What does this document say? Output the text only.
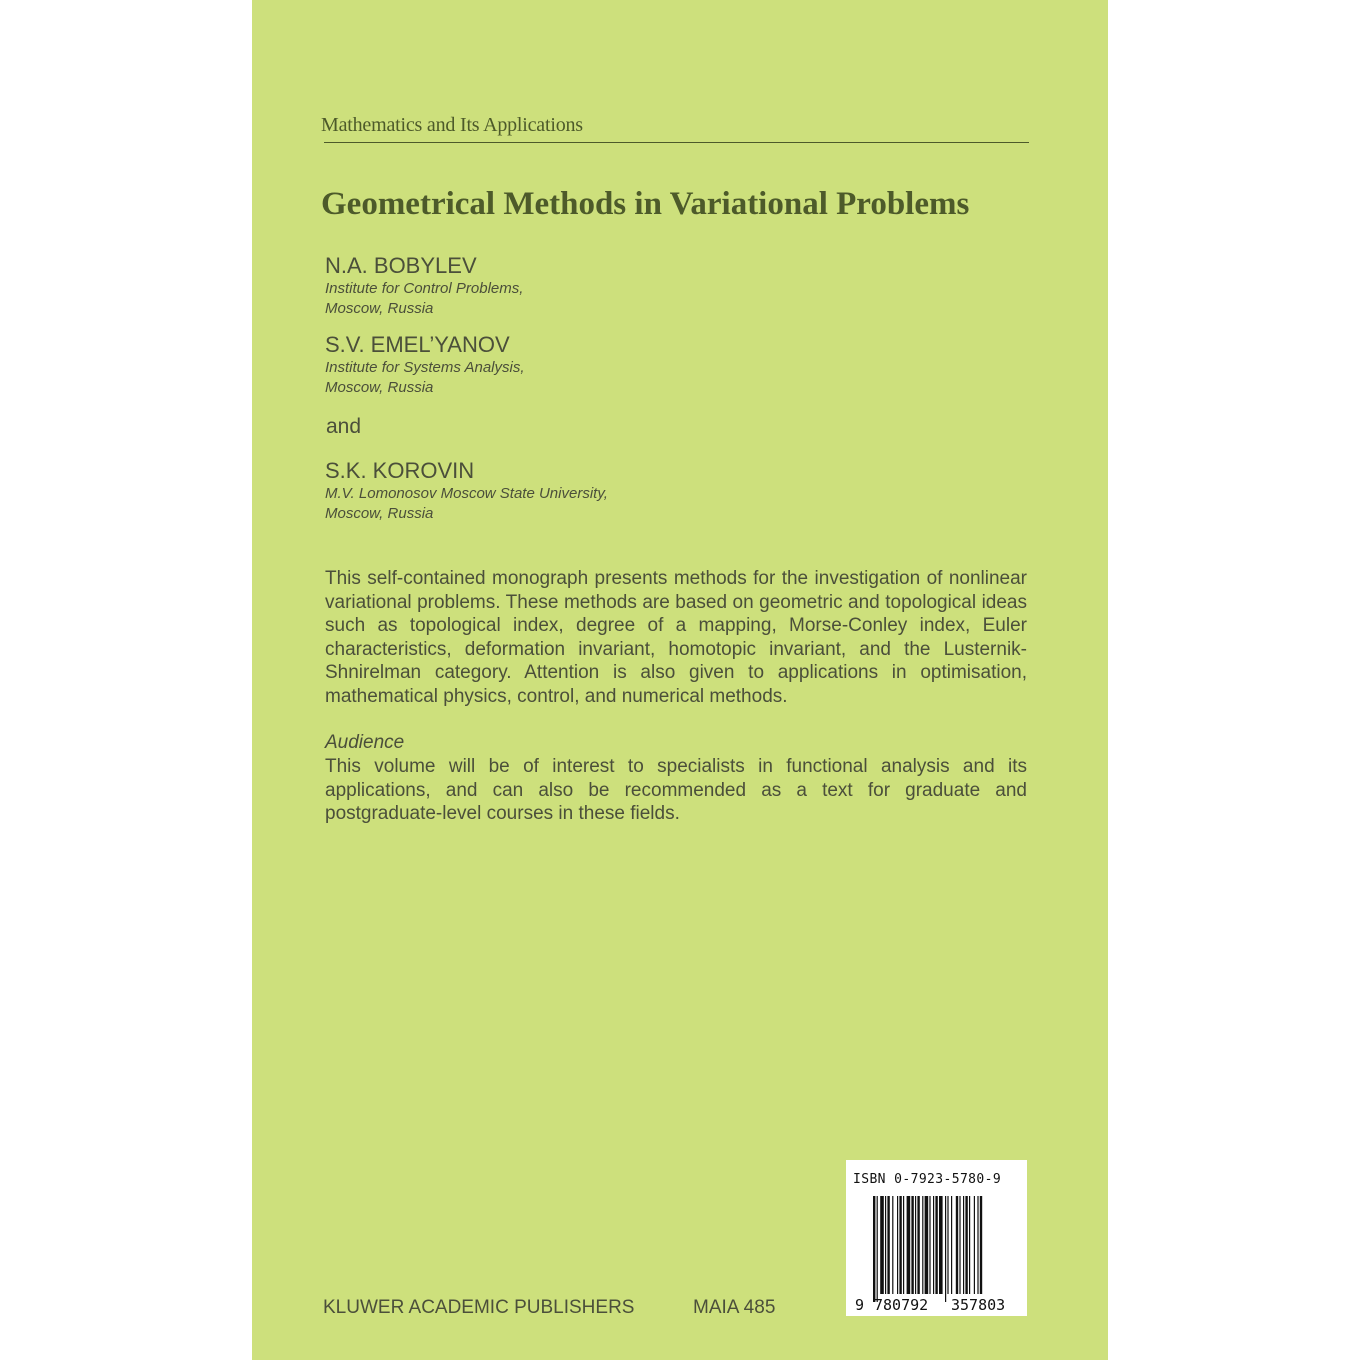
Mathematics and Its Applications
Geometrical Methods in Variational Problems
N.A. BOBYLEV
Institute for Control Problems,
Moscow, Russia
S.V. EMEL’YANOV
Institute for Systems Analysis,
Moscow, Russia
and
S.K. KOROVIN
M.V. Lomonosov Moscow State University,
Moscow, Russia
This self-contained monograph presents methods for the investigation of nonlinear variational problems. These methods are based on geometric and topological ideas such as topological index, degree of a mapping, Morse-Conley index, Euler characteristics, deformation invariant, homotopic invariant, and the Lusternik-Shnirelman category. Attention is also given to applications in optimisation, mathematical physics, control, and numerical methods.
Audience
This volume will be of interest to specialists in functional analysis and its applications, and can also be recommended as a text for graduate and postgraduate-level courses in these fields.
KLUWER ACADEMIC PUBLISHERS	MAIA 485
ISBN 0-7923-5780-9
9 780792 357803
